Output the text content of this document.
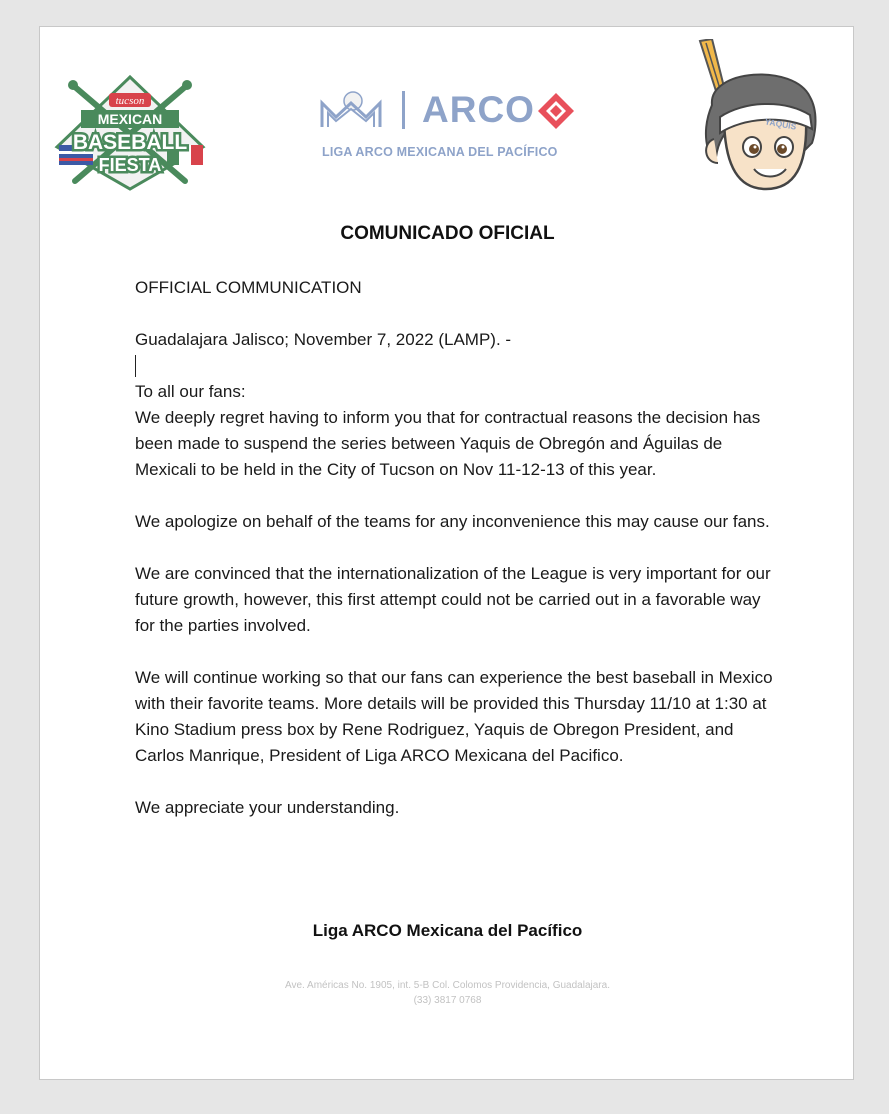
tucson
MEXICAN
BASEBALL
FIESTA
ARCO
LIGA ARCO MEXICANA DEL PACÍFICO
YAQUIS
COMUNICADO OFICIAL

OFFICIAL COMMUNICATION

Guadalajara Jalisco; November 7, 2022 (LAMP). -

To all our fans:

We deeply regret having to inform you that for contractual reasons the decision has been made to suspend the series between Yaquis de Obregón and Águilas de Mexicali to be held in the City of Tucson on Nov 11-12-13 of this year.

We apologize on behalf of the teams for any inconvenience this may cause our fans.

We are convinced that the internationalization of the League is very important for our future growth, however, this first attempt could not be carried out in a favorable way for the parties involved.

We will continue working so that our fans can experience the best baseball in Mexico with their favorite teams. More details will be provided this Thursday 11/10 at 1:30 at Kino Stadium press box by Rene Rodriguez, Yaquis de Obregon President, and Carlos Manrique, President of Liga ARCO Mexicana del Pacifico.

We appreciate your understanding.

Liga ARCO Mexicana del Pacífico
Ave. Américas No. 1905, int. 5-B Col. Colomos Providencia, Guadalajara.
(33) 3817 0768
